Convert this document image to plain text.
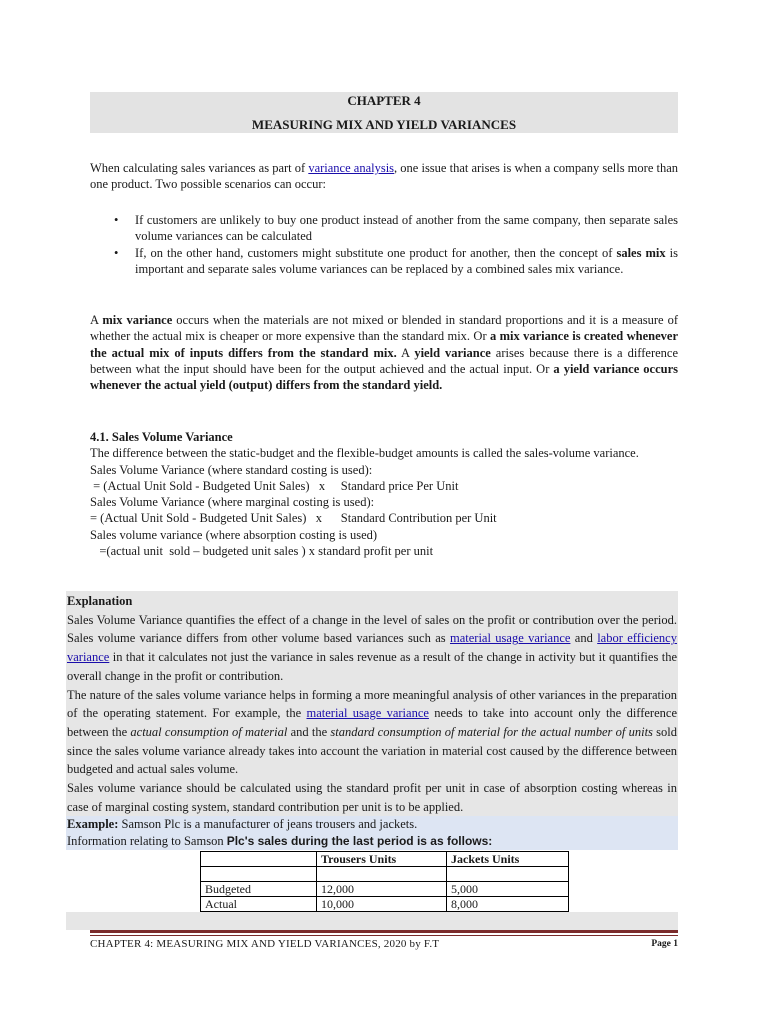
CHAPTER 4
MEASURING MIX AND YIELD VARIANCES
When calculating sales variances as part of variance analysis, one issue that arises is when a company sells more than one product. Two possible scenarios can occur:
• If customers are unlikely to buy one product instead of another from the same company, then separate sales volume variances can be calculated
• If, on the other hand, customers might substitute one product for another, then the concept of sales mix is important and separate sales volume variances can be replaced by a combined sales mix variance.
A mix variance occurs when the materials are not mixed or blended in standard proportions and it is a measure of whether the actual mix is cheaper or more expensive than the standard mix. Or a mix variance is created whenever the actual mix of inputs differs from the standard mix. A yield variance arises because there is a difference between what the input should have been for the output achieved and the actual input. Or a yield variance occurs whenever the actual yield (output) differs from the standard yield.
4.1. Sales Volume Variance
The difference between the static-budget and the flexible-budget amounts is called the sales-volume variance.
Sales Volume Variance (where standard costing is used):
= (Actual Unit Sold - Budgeted Unit Sales)   x     Standard price Per Unit
Sales Volume Variance (where marginal costing is used):
= (Actual Unit Sold - Budgeted Unit Sales)   x      Standard Contribution per Unit
Sales volume variance (where absorption costing is used)
=(actual unit  sold – budgeted unit sales ) x standard profit per unit

Explanation

Sales Volume Variance quantifies the effect of a change in the level of sales on the profit or contribution over the period. Sales volume variance differs from other volume based variances such as material usage variance and labor efficiency variance in that it calculates not just the variance in sales revenue as a result of the change in activity but it quantifies the overall change in the profit or contribution.

The nature of the sales volume variance helps in forming a more meaningful analysis of other variances in the preparation of the operating statement. For example, the material usage variance needs to take into account only the difference between the actual consumption of material and the standard consumption of material for the actual number of units sold since the sales volume variance already takes into account the variation in material cost caused by the difference between budgeted and actual sales volume.

Sales volume variance should be calculated using the standard profit per unit in case of absorption costing whereas in case of marginal costing system, standard contribution per unit is to be applied.

Example: Samson Plc is a manufacturer of jeans trousers and jackets.
Information relating to Samson Plc's sales during the last period is as follows:
	Trousers Units	Jackets Units

Budgeted	12,000	5,000
Actual	10,000	8,000
CHAPTER 4: MEASURING MIX AND YIELD VARIANCES, 2020 by F.T	Page 1
